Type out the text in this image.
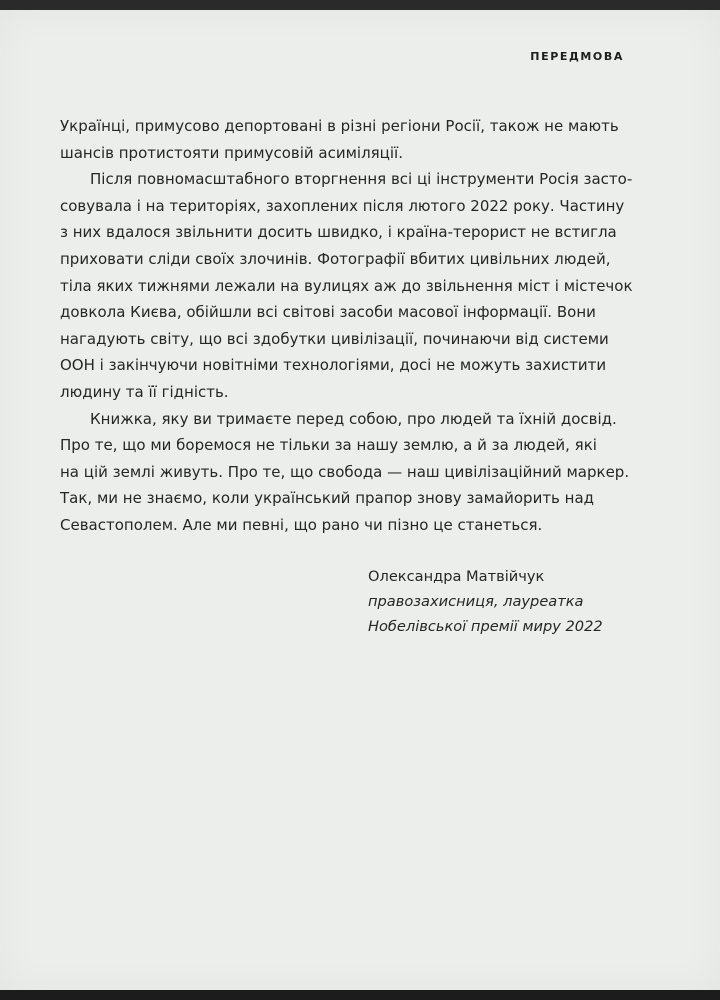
ПЕРЕДМОВА

Українці, примусово депортовані в різні регіони Росії, також не мають

шансів протистояти примусовій асиміляції.

Після повномасштабного вторгнення всі ці інструменти Росія засто-

совувала і на територіях, захоплених після лютого 2022 року. Частину

з них вдалося звільнити досить швидко, і країна-терорист не встигла

приховати сліди своїх злочинів. Фотографії вбитих цивільних людей,

тіла яких тижнями лежали на вулицях аж до звільнення міст і містечок

довкола Києва, обійшли всі світові засоби масової інформації. Вони

нагадують світу, що всі здобутки цивілізації, починаючи від системи

ООН і закінчуючи новітніми технологіями, досі не можуть захистити

людину та її гідність.

Книжка, яку ви тримаєте перед собою, про людей та їхній досвід.

Про те, що ми боремося не тільки за нашу землю, а й за людей, які

на цій землі живуть. Про те, що свобода — наш цивілізаційний маркер.

Так, ми не знаємо, коли український прапор знову замайорить над

Севастополем. Але ми певні, що рано чи пізно це станеться.

Олександра Матвійчук
правозахисниця, лауреатка
Нобелівської премії миру 2022
